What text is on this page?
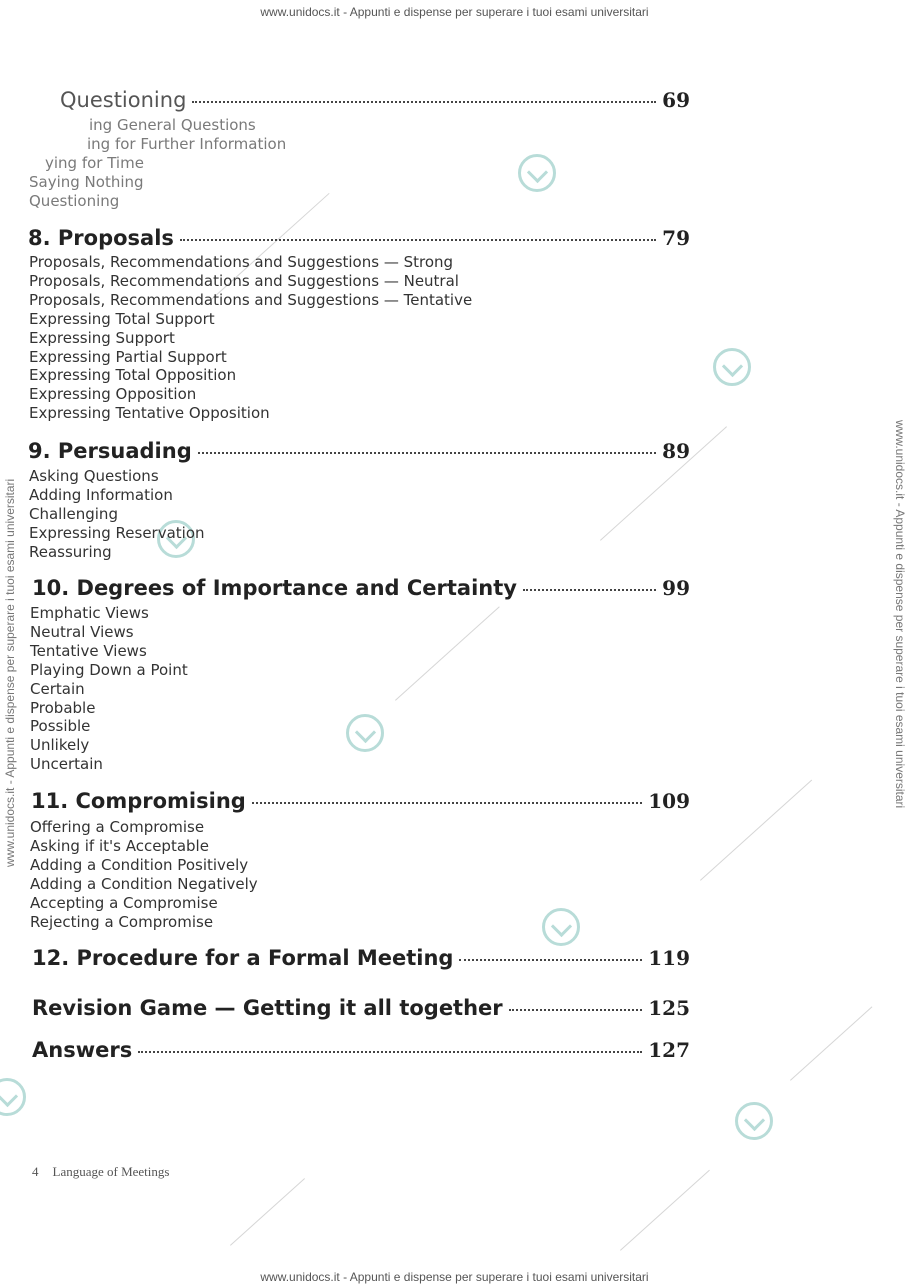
www.unidocs.it - Appunti e dispense per superare i tuoi esami universitari
www.unidocs.it - Appunti e dispense per superare i tuoi esami universitari	www.unidocs.it - Appunti e dispense per superare i tuoi esami universitari
Questioning	69
ing General Questions
ing for Further Information
ying for Time
Saying Nothing
Questioning
8. Proposals	79
Proposals, Recommendations and Suggestions — Strong
Proposals, Recommendations and Suggestions — Neutral
Proposals, Recommendations and Suggestions — Tentative
Expressing Total Support
Expressing Support
Expressing Partial Support
Expressing Total Opposition
Expressing Opposition
Expressing Tentative Opposition
9. Persuading	89
Asking Questions
Adding Information
Challenging
Expressing Reservation
Reassuring
10. Degrees of Importance and Certainty	99
Emphatic Views
Neutral Views
Tentative Views
Playing Down a Point
Certain
Probable
Possible
Unlikely
Uncertain
11. Compromising	109
Offering a Compromise
Asking if it's Acceptable
Adding a Condition Positively
Adding a Condition Negatively
Accepting a Compromise
Rejecting a Compromise
12. Procedure for a Formal Meeting	119
Revision Game — Getting it all together	125
Answers	127
4 Language of Meetings
www.unidocs.it - Appunti e dispense per superare i tuoi esami universitari
